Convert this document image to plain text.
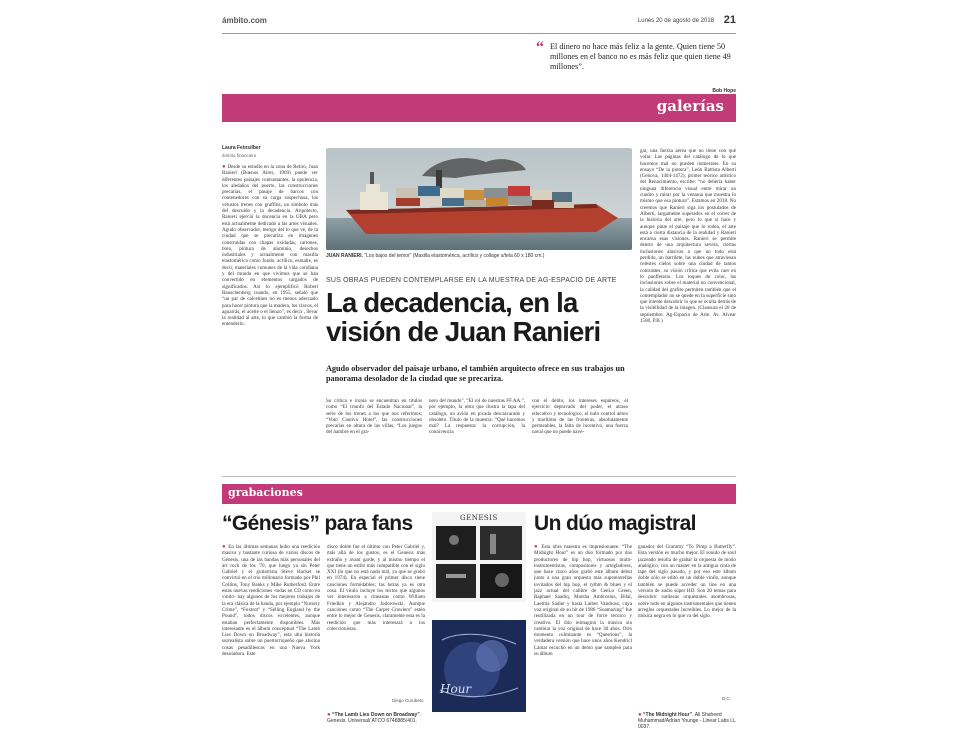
ámbito.com	Lunes 20 de agosto de 2018 21
“ El dinero no hace más feliz a la gente. Quien tiene 50 millones en el banco no es más feliz que quien tiene 49 millones”.
Bob Hope
galerías
Laura Feinsilber
ámbito financiero
● Desde su estudio en la zona de Retiro, Juan Ranieri (Buenos Aires, 1969) puede ver diferentes paisajes contrastantes, la opulencia, los aledaños del puerto, las construcciones precarias, el pasaje de barcos con contenedores con su carga sospechosa, los vetustos trenes con graffitis, un símbolo más del descuido y la decadencia. Arquitecto, Ranieri ejerció la docencia en la UBA pero está actualmente dedicado a las artes visuales. Agudo observador, testigo del lo que ve, de la ciudad que se precariza en imágenes construidas con chapas oxidadas, cartones, brea, pintura de aluminio, desechos industriales y actualmente con masilla elastomérica como fondo, acrílico, esmalte, es decir, materiales comunes de la vida cotidiana y del mundo en que vivimos que se han convertido en elementos cargados de significados. Así lo ejemplificó Robert Rauschenberg cuando, en 1955, señaló que “un par de calcetines no es menos adecuado para hacer pintura que la madera, los clavos, el aguarrás, el aceite o el lienzo”, es decir , llevar la realidad al arte, lo que cambió la forma de entenderlo.
JUAN RANIERI. “Los bajos del temor” (Masilla elastomérica, acrílico y collage s/tela 60 x 180 cm.)
SUS OBRAS PUEDEN CONTEMPLARSE EN LA MUESTRA DE AG-ESPACIO DE ARTE
La decadencia, en la visión de Juan Ranieri
Agudo observador del paisaje urbano, el también arquitecto ofrece en sus trabajos un panorama desolador de la ciudad que se precariza.
Su crítica e ironía se encuentran en títulos como “El triunfo del Estado Nacional”, la serie de los trenes a los que nos referimos; “Voto Cautivo Hotel”, las construcciones precarias en altura de las villas, “Los juegos del hambre en el gra-
nero del mundo”, “El rol de nuestras FF.AA.”, por ejemplo, la obra que ilustra la tapa del catálogo, un avión en picada descascarado y obsoleto. Título de la muestra: “Qué hacemos mal? La respuesta: la corrupción, la connivencia
con el delito, los intereses espúreos, el ejercicio depravado del poder, el atraso educativo y tecnológico, el nulo control aéreo y marítimo de las fronteras, absolutamente permeables, la falta de incentivo, una fuerza naval que no puede nave-
gar, una fuerza aérea que no tiene con qué volar. Las páginas del catálogo de lo que hacemos mal no pueden numerarse. En su ensayo “De la pintura”, León Battista Alberti (Génova, 1404-1472), primer teórico artístico del Renacimiento, escribe: “no debería haber ninguna diferencia visual entre mirar un cuadro y mirar por la ventana que muestra lo mismo que esa pintura”. Estamos en 2018. No creemos que Ranieri siga los postulados de Alberti, largamente superados en el correr de la historia del arte, pero lo que sí hace y aunque pinte el paisaje que lo rodea, el arte está a cierta distancia de la realidad y Ranieri encarna esas visiones. Ranieri se permite dentro de una arquitectura severa, ciertas inclusiones alusivas a que no todo está perdido, un barrilete, las nubes que atraviesan celestes cielos sobre una ciudad de tantos contrastes, su visión crítica que evita caer en lo panfletario. Los toques de color, las inclusiones sobre el material no convencional, la calidad del grafito permiten también que el contemplador no se quede en la superficie sino que intente descubrir lo que se oculta detrás de la visibilidad de la imagen. (Clausura el 28 de septiembre. Ag-Espacio de Arte. Av. Alvear 1580, P.B.)
grabaciones
“Génesis” para fans
● En las últimas semanas hubo una reedición masiva y bastante curiosa de varios discos de Génesis, una de las bandas más personales del art rock de los '70, que luego ya sin Peter Gabriel y el guitarrista Steve Hacket se convirtió en el trío millonario formado por Phil Collins, Tony Banks y Mike Rutherford. Entre estas nuevas reediciones -todas en CD como en vinilo- hay algunos de los mejores trabajos de la era clásica de la banda, por ejemplo “Nursery Crime”, “Foxtrot” y “Selling England by the Pound”, todos discos excelentes, aunque estaban perfectamente disponibles. Más interesante es el álbum conceptual “The Lamb Lies Down on Broadway”, esta ulta historia surrealista sobre un puertorriqueño que alucina cosas pesadillescas en una Nueva York desoladora. Este
disco doble fue el último con Peter Gabriel y, más allá de los gustos, es el Genesis más extraño y avant garde, y al mismo tiempo el que tiene un estilo más compatible con el siglo XXI (lo que no está nada mal, ya que se grabó en 1974). En especial el primer disco tiene canciones formidables; las letras ya es otra cosa. El vinilo incluye los textos que algunos ver interesaron a cineastas como William Friedkin y Alejandro Jodorowski. Aunque canciones como “The Carpet Crawlers” estén entre lo mejor de Genesis, claramente esta es la reedición que más interesará a los coleccionistas.
Diego Curubeto
● “The Lamb Lies Down on Broadway”. Genesis. Universal/ ATCO 6748885/401.
GENESIS
Hour
Un dúo magistral
● Esta obra maestra es impresionante. “The Midnight Hour” es un dúo formado por dos productores de hip hop, virtuosos multi-instrumentistas, compositores y arregladores, que hace cinco años grabó este álbum debut junto a una gran orquesta más superestrellas invitados del hip hop, el rythm & blues y el jazz actual del calibre de CeeLo Green, Raphael Saadiq, Marsha Ambrosius, Bilal, Laetitia Sadier y hasta Luther Vandross, cuya voz original de su hit de 1986 “Soamazing” fue reutilizada en un tour de force técnico y creativo. El dúo reimaginó la música sin cambiar la voz original de hace 30 años. Otro momento culminante es “Questions”, la verdadera versión que hace unos años Kendricl Lamar escuchó en un demo que sampleó para su álbum
ganador del Grammy “To Pimp a Butterfly”. Esta versión es mucho mejor. El sonido de soul jazzeado resulta de grabar la orquesta de modo analógico, con un master en la antigua cinta de tape del siglo pasado, y por eso este álbum doble sólo se editó en un doble vinilo, aunque también se puede acceder on line en una versión de audio súper HD. Son 20 temas para descubrir sutilezas orquestales asombrosas, sobre todo en algunos instrumentales que tienen arreglos orquestales increíbles. Lo mejor de la música negra en lo que va del siglo.
D.C.
● “The Midnight Hour”. Ali Shaheed Muhammad/Adrian Younge - Linear Labs LL 0037.
